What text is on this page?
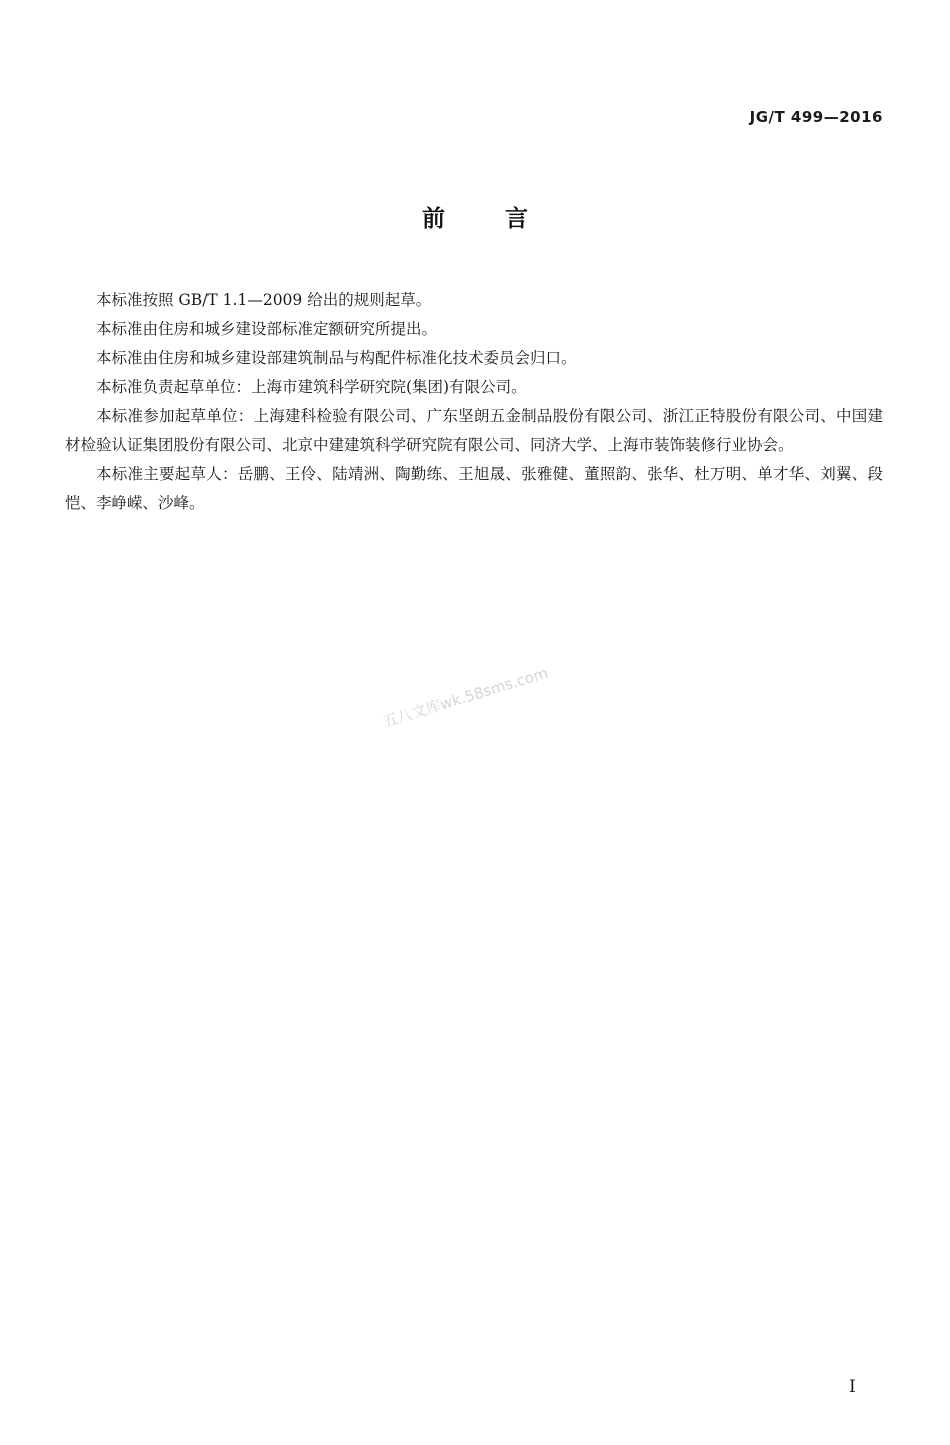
JG/T 499—2016
前言

本标准按照 GB/T 1.1—2009 给出的规则起草。

本标准由住房和城乡建设部标准定额研究所提出。

本标准由住房和城乡建设部建筑制品与构配件标准化技术委员会归口。

本标准负责起草单位：上海市建筑科学研究院(集团)有限公司。

本标准参加起草单位：上海建科检验有限公司、广东坚朗五金制品股份有限公司、浙江正特股份有限公司、中国建材检验认证集团股份有限公司、北京中建建筑科学研究院有限公司、同济大学、上海市装饰装修行业协会。

本标准主要起草人：岳鹏、王伶、陆靖洲、陶勤练、王旭晟、张雅健、董照韵、张华、杜万明、单才华、刘翼、段恺、李峥嵘、沙峰。

五八文库wk.58sms.com
I
